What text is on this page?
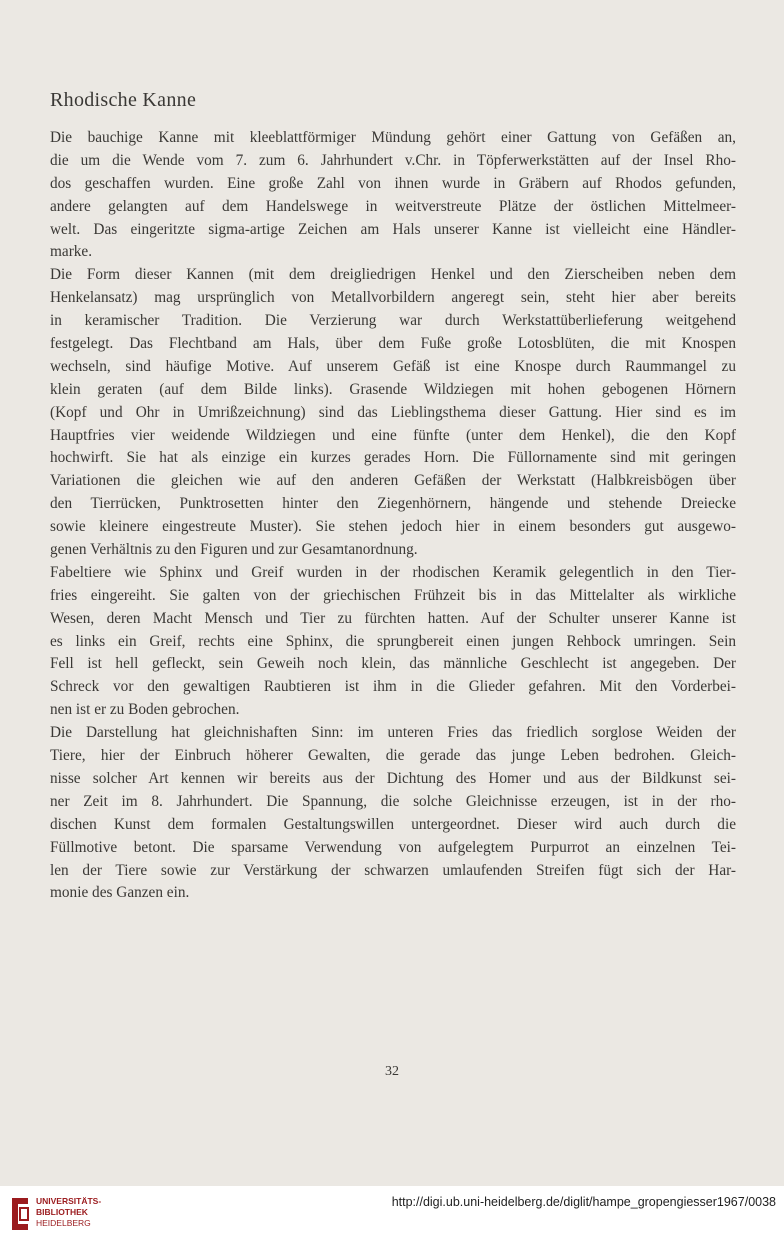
Rhodische Kanne
Die bauchige Kanne mit kleeblattförmiger Mündung gehört einer Gattung von Gefäßen an,
die um die Wende vom 7. zum 6. Jahrhundert v.Chr. in Töpferwerkstätten auf der Insel Rho-
dos geschaffen wurden. Eine große Zahl von ihnen wurde in Gräbern auf Rhodos gefunden,
andere gelangten auf dem Handelswege in weitverstreute Plätze der östlichen Mittelmeer-
welt. Das eingeritzte sigma-artige Zeichen am Hals unserer Kanne ist vielleicht eine Händler-
marke.
Die Form dieser Kannen (mit dem dreigliedrigen Henkel und den Zierscheiben neben dem
Henkelansatz) mag ursprünglich von Metallvorbildern angeregt sein, steht hier aber bereits
in keramischer Tradition. Die Verzierung war durch Werkstattüberlieferung weitgehend
festgelegt. Das Flechtband am Hals, über dem Fuße große Lotosblüten, die mit Knospen
wechseln, sind häufige Motive. Auf unserem Gefäß ist eine Knospe durch Raummangel zu
klein geraten (auf dem Bilde links). Grasende Wildziegen mit hohen gebogenen Hörnern
(Kopf und Ohr in Umrißzeichnung) sind das Lieblingsthema dieser Gattung. Hier sind es im
Hauptfries vier weidende Wildziegen und eine fünfte (unter dem Henkel), die den Kopf
hochwirft. Sie hat als einzige ein kurzes gerades Horn. Die Füllornamente sind mit geringen
Variationen die gleichen wie auf den anderen Gefäßen der Werkstatt (Halbkreisbögen über
den Tierrücken, Punktrosetten hinter den Ziegenhörnern, hängende und stehende Dreiecke
sowie kleinere eingestreute Muster). Sie stehen jedoch hier in einem besonders gut ausgewo-
genen Verhältnis zu den Figuren und zur Gesamtanordnung.
Fabeltiere wie Sphinx und Greif wurden in der rhodischen Keramik gelegentlich in den Tier-
fries eingereiht. Sie galten von der griechischen Frühzeit bis in das Mittelalter als wirkliche
Wesen, deren Macht Mensch und Tier zu fürchten hatten. Auf der Schulter unserer Kanne ist
es links ein Greif, rechts eine Sphinx, die sprungbereit einen jungen Rehbock umringen. Sein
Fell ist hell gefleckt, sein Geweih noch klein, das männliche Geschlecht ist angegeben. Der
Schreck vor den gewaltigen Raubtieren ist ihm in die Glieder gefahren. Mit den Vorderbei-
nen ist er zu Boden gebrochen.
Die Darstellung hat gleichnishaften Sinn: im unteren Fries das friedlich sorglose Weiden der
Tiere, hier der Einbruch höherer Gewalten, die gerade das junge Leben bedrohen. Gleich-
nisse solcher Art kennen wir bereits aus der Dichtung des Homer und aus der Bildkunst sei-
ner Zeit im 8. Jahrhundert. Die Spannung, die solche Gleichnisse erzeugen, ist in der rho-
dischen Kunst dem formalen Gestaltungswillen untergeordnet. Dieser wird auch durch die
Füllmotive betont. Die sparsame Verwendung von aufgelegtem Purpurrot an einzelnen Tei-
len der Tiere sowie zur Verstärkung der schwarzen umlaufenden Streifen fügt sich der Har-
monie des Ganzen ein.
32
UNIVERSITÄTS-
BIBLIOTHEK
HEIDELBERG
http://digi.ub.uni-heidelberg.de/diglit/hampe_gropengiesser1967/0038
